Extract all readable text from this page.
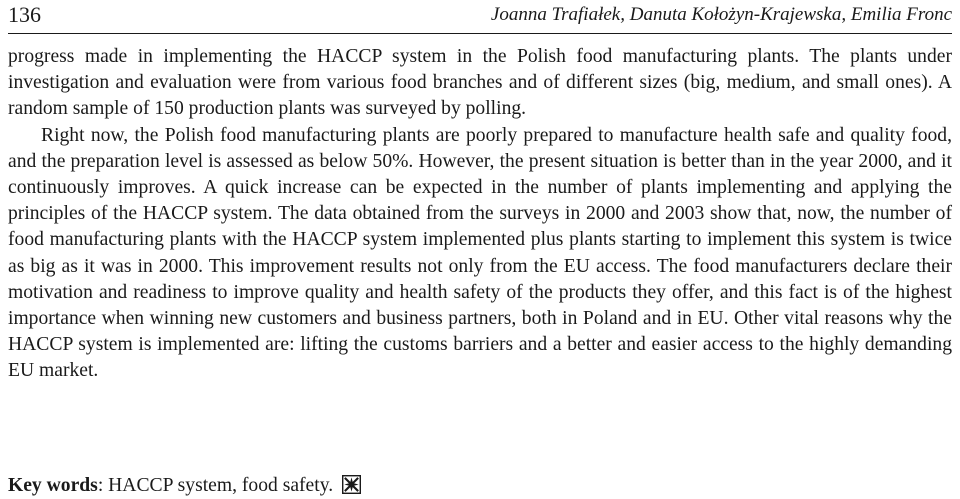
136	Joanna Trafiałek, Danuta Kołożyn-Krajewska, Emilia Fronc

progress made in implementing the HACCP system in the Polish food manufacturing plants. The plants under investigation and evaluation were from various food branches and of different sizes (big, medium, and small ones). A random sample of 150 production plants was surveyed by polling.

Right now, the Polish food manufacturing plants are poorly prepared to manufacture health safe and quality food, and the preparation level is assessed as below 50%. However, the present situation is better than in the year 2000, and it continuously improves. A quick increase can be expected in the number of plants implementing and applying the principles of the HACCP system. The data obtained from the surveys in 2000 and 2003 show that, now, the number of food manufacturing plants with the HACCP system implemented plus plants starting to implement this system is twice as big as it was in 2000. This improvement results not only from the EU access. The food manufacturers declare their motivation and readiness to improve quality and health safety of the products they offer, and this fact is of the highest importance when winning new customers and business partners, both in Poland and in EU. Other vital reasons why the HACCP system is implemented are: lifting the customs barriers and a better and easier access to the highly demanding EU market.

Key words: HACCP system, food safety.
